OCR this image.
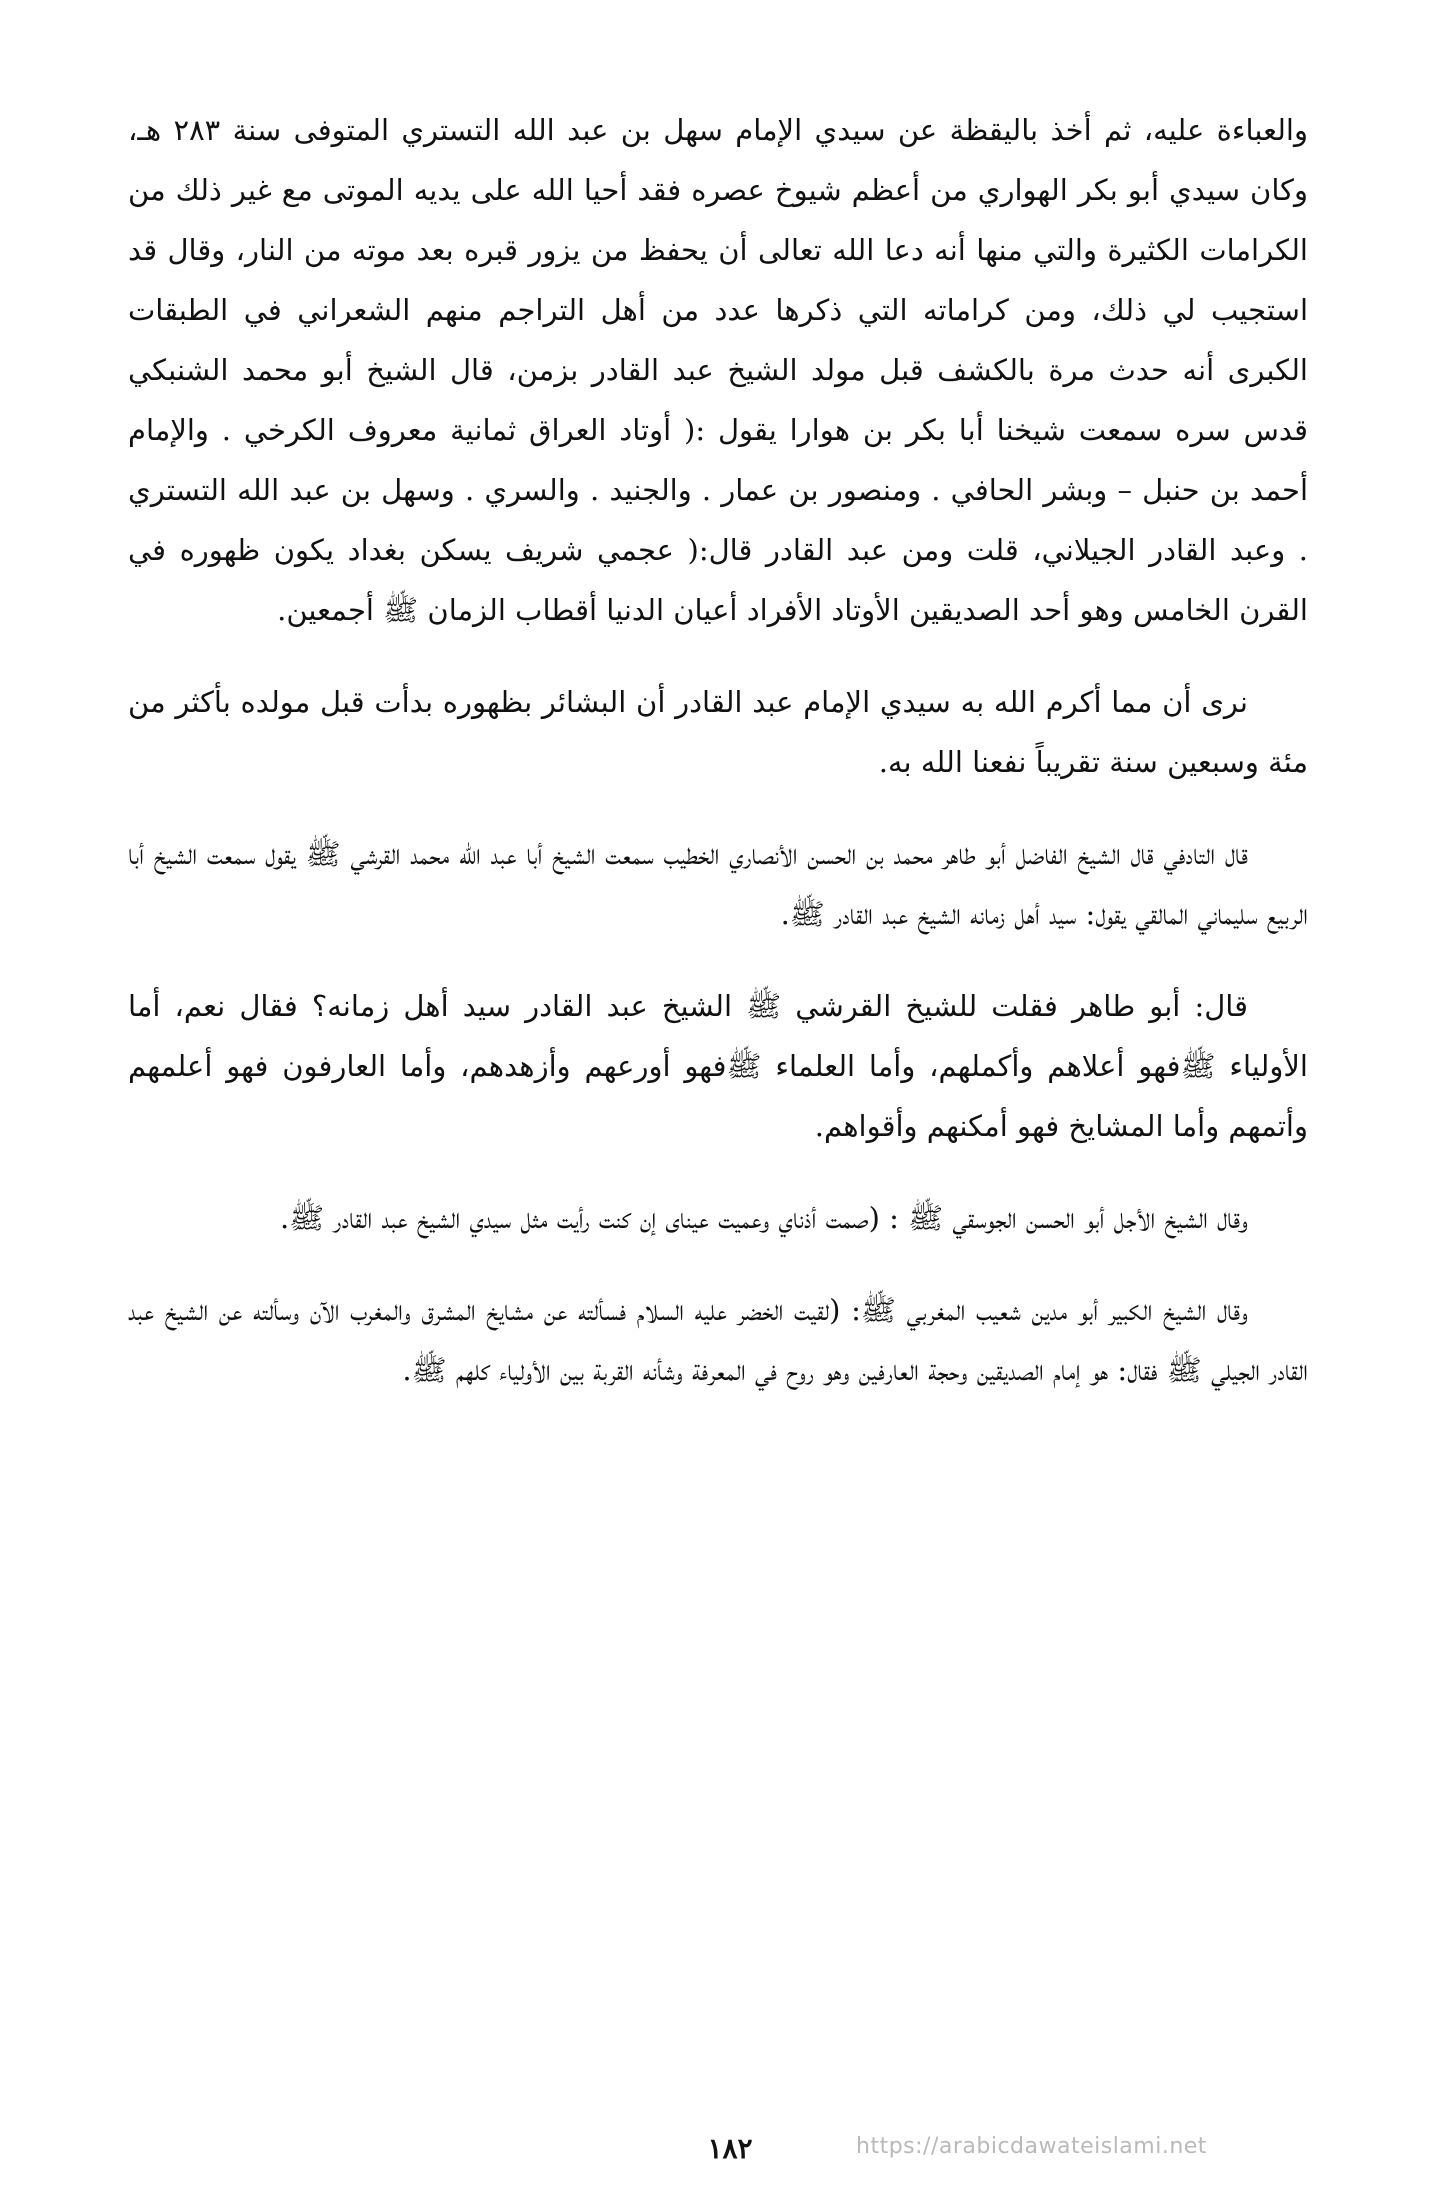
والعباءة عليه، ثم أخذ باليقظة عن سيدي الإمام سهل بن عبد الله التستري المتوفى سنة ٢٨٣ هـ، وكان سيدي أبو بكر الهواري من أعظم شيوخ عصره فقد أحيا الله على يديه الموتى مع غير ذلك من الكرامات الكثيرة والتي منها أنه دعا الله تعالى أن يحفظ من يزور قبره بعد موته من النار، وقال قد استجيب لي ذلك، ومن كراماته التي ذكرها عدد من أهل التراجم منهم الشعراني في الطبقات الكبرى أنه حدث مرة بالكشف قبل مولد الشيخ عبد القادر بزمن، قال الشيخ أبو محمد الشنبكي قدس سره سمعت شيخنا أبا بكر بن هوارا يقول :( أوتاد العراق ثمانية معروف الكرخي . والإمام أحمد بن حنبل – وبشر الحافي . ومنصور بن عمار . والجنيد . والسري . وسهل بن عبد الله التستري . وعبد القادر الجيلاني، قلت ومن عبد القادر قال:( عجمي شريف يسكن بغداد يكون ظهوره في القرن الخامس وهو أحد الصديقين الأوتاد الأفراد أعيان الدنيا أقطاب الزمان ﷺ أجمعين.

نرى أن مما أكرم الله به سيدي الإمام عبد القادر أن البشائر بظهوره بدأت قبل مولده بأكثر من مئة وسبعين سنة تقريباً نفعنا الله به.

قال التادفي قال الشيخ الفاضل أبو طاهر محمد بن الحسن الأنصاري الخطيب سمعت الشيخ أبا عبد الله محمد القرشي ﷺ يقول سمعت الشيخ أبا الربيع سليماني المالقي يقول: سيد أهل زمانه الشيخ عبد القادر ﷺ.

قال: أبو طاهر فقلت للشيخ القرشي ﷺ الشيخ عبد القادر سيد أهل زمانه؟ فقال نعم، أما الأولياء ﷺفهو أعلاهم وأكملهم، وأما العلماء ﷺفهو أورعهم وأزهدهم، وأما العارفون فهو أعلمهم وأتمهم وأما المشايخ فهو أمكنهم وأقواهم.

وقال الشيخ الأجل أبو الحسن الجوسقي ﷺ : (صمت أذناي وعميت عيناى إن كنت رأيت مثل سيدي الشيخ عبد القادر ﷺ.

وقال الشيخ الكبير أبو مدين شعيب المغربي ﷺ: (لقيت الخضر عليه السلام فسألته عن مشايخ المشرق والمغرب الآن وسألته عن الشيخ عبد القادر الجيلي ﷺ فقال: هو إمام الصديقين وحجة العارفين وهو روح في المعرفة وشأنه القربة بين الأولياء كلهم ﷺ.

١٨٢	https://arabicdawateislami.net
